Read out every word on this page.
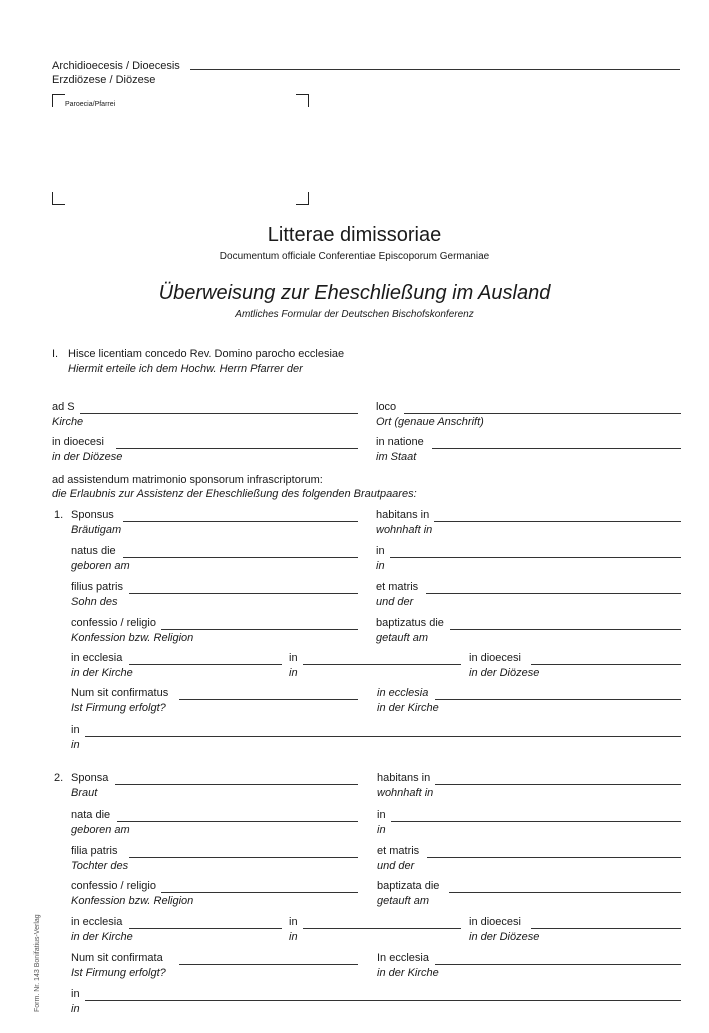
Archidioecesis / Dioecesis
Erzdiözese / Diözese
Paroecia/Pfarrei
Litterae dimissoriae
Documentum officiale Conferentiae Episcoporum Germaniae
Überweisung zur Eheschließung im Ausland
Amtliches Formular der Deutschen Bischofskonferenz
I. Hisce licentiam concedo Rev. Domino parocho ecclesiae
Hiermit erteile ich dem Hochw. Herrn Pfarrer der
ad S
Kirche
loco
Ort (genaue Anschrift)
in dioecesi
in der Diözese
in natione
im Staat
ad assistendum matrimonio sponsorum infrascriptorum:
die Erlaubnis zur Assistenz der Eheschließung des folgenden Brautpaares:
1. Sponsus
Bräutigam
habitans in
wohnhaft in
natus die
geboren am
in
in
filius patris
Sohn des
et matris
und der
confessio / religio
Konfession bzw. Religion
baptizatus die
getauft am
in ecclesia
in der Kirche
in
in
in dioecesi
in der Diözese
Num sit confirmatus
Ist Firmung erfolgt?
in ecclesia
in der Kirche
in
in
2. Sponsa
Braut
habitans in
wohnhaft in
nata die
geboren am
in
in
filia patris
Tochter des
et matris
und der
confessio / religio
Konfession bzw. Religion
baptizata die
getauft am
in ecclesia
in der Kirche
in
in
in dioecesi
in der Diözese
Num sit confirmata
Ist Firmung erfolgt?
In ecclesia
in der Kirche
in
in
Form. Nr. 143 Bonifatius-Verlag
